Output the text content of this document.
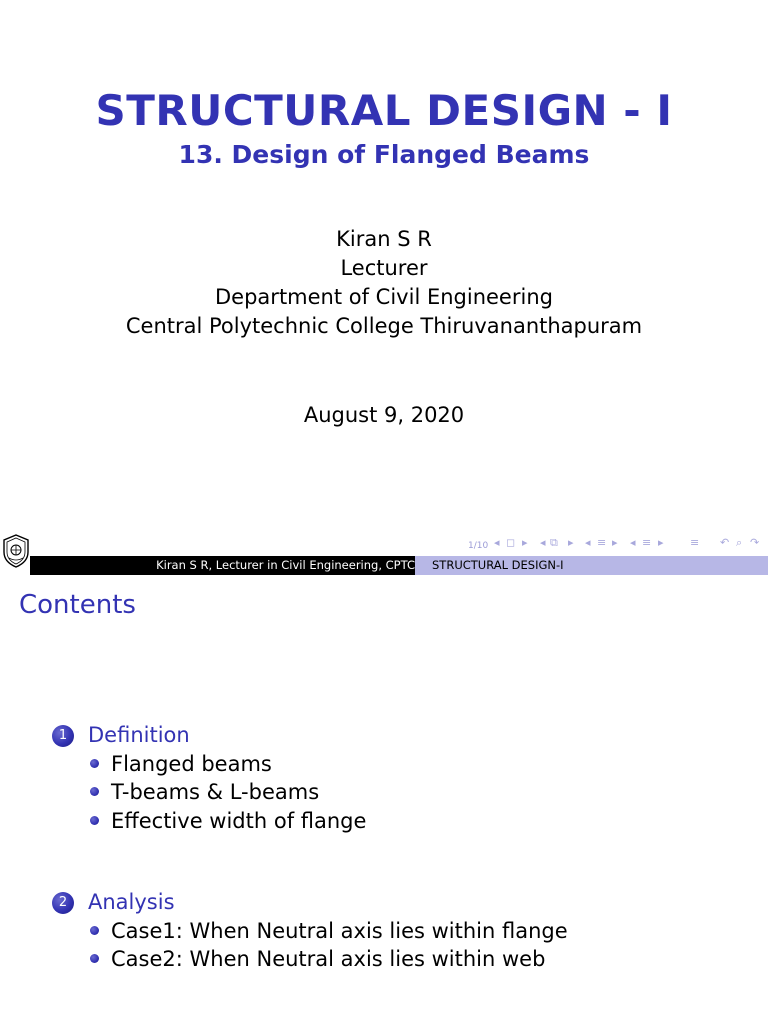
STRUCTURAL DESIGN - I
13. Design of Flanged Beams
Kiran S R
Lecturer
Department of Civil Engineering
Central Polytechnic College Thiruvananthapuram
August 9, 2020
1/10 ◂ ◻ ▸ ◂ ⧉ ▸ ◂ ≡ ▸ ◂ ≡ ▸ ≡ ↶ ⌕ ↷
Kiran S R, Lecturer in Civil Engineering, CPTC	STRUCTURAL DESIGN-I
Contents
1 Definition
Flanged beams
T-beams & L-beams
Effective width of flange
2 Analysis
Case1: When Neutral axis lies within flange
Case2: When Neutral axis lies within web
